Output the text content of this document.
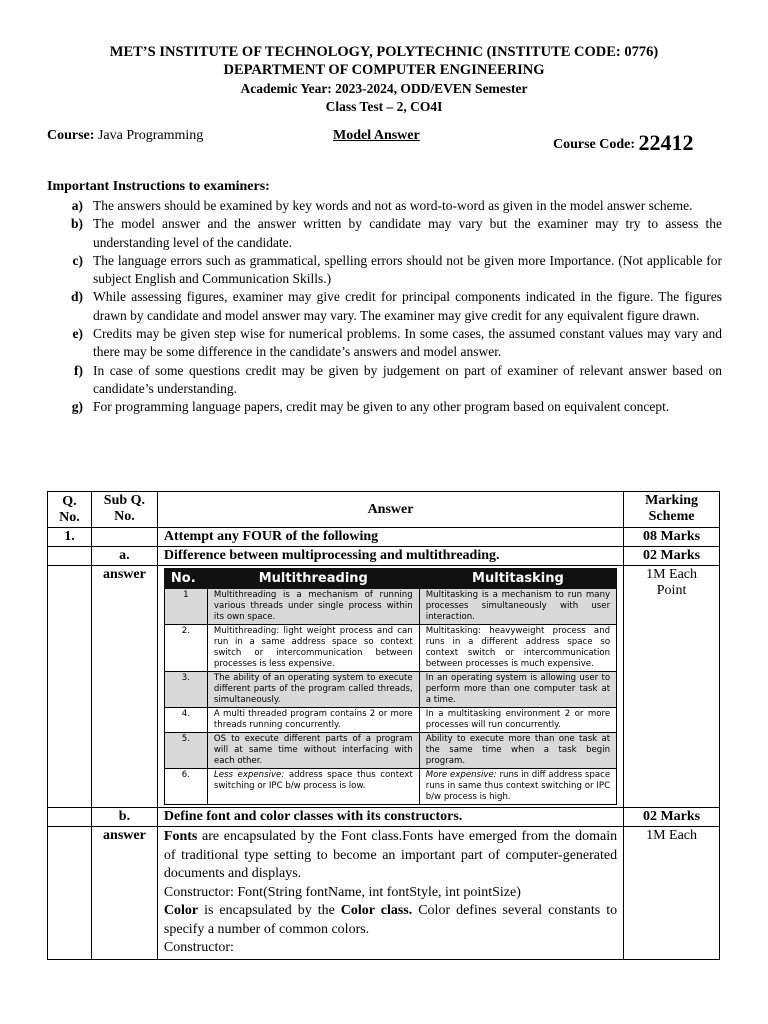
MET’S INSTITUTE OF TECHNOLOGY, POLYTECHNIC (INSTITUTE CODE: 0776)
DEPARTMENT OF COMPUTER ENGINEERING
Academic Year: 2023-2024, ODD/EVEN Semester
Class Test – 2, CO4I
Course: Java Programming	Model Answer
Course Code: 22412
Important Instructions to examiners:
a) The answers should be examined by key words and not as word-to-word as given in the model answer scheme.
b) The model answer and the answer written by candidate may vary but the examiner may try to assess the understanding level of the candidate.
c) The language errors such as grammatical, spelling errors should not be given more Importance. (Not applicable for subject English and Communication Skills.)
d) While assessing figures, examiner may give credit for principal components indicated in the figure. The figures drawn by candidate and model answer may vary. The examiner may give credit for any equivalent figure drawn.
e) Credits may be given step wise for numerical problems. In some cases, the assumed constant values may vary and there may be some difference in the candidate’s answers and model answer.
f) In case of some questions credit may be given by judgement on part of examiner of relevant answer based on candidate’s understanding.
g) For programming language papers, credit may be given to any other program based on equivalent concept.
Q. No.	Sub Q. No.	Answer	Marking Scheme
1.		Attempt any FOUR of the following	08 Marks
	a.	Difference between multiprocessing and multithreading.	02 Marks
	answer	No.	Multithreading	Multitasking
1	Multithreading is a mechanism of running various threads under single process within its own space.	Multitasking is a mechanism to run many processes simultaneously with user interaction.
2.	Multithreading: light weight process and can run in a same address space so context switch or intercommunication between processes is less expensive.	Multitasking: heavyweight process and runs in a different address space so context switch or intercommunication between processes is much expensive.
3.	The ability of an operating system to execute different parts of the program called threads, simultaneously.	In an operating system is allowing user to perform more than one computer task at a time.
4.	A multi threaded program contains 2 or more threads running concurrently.	In a multitasking environment 2 or more processes will run concurrently.
5.	OS to execute different parts of a program will at same time without interfacing with each other.	Ability to execute more than one task at the same time when a task begin program.
6.	Less expensive: address space thus context switching or IPC b/w process is low.	More expensive: runs in diff address space runs in same thus context switching or IPC b/w process is high.
	1M Each Point
	b.	Define font and color classes with its constructors.	02 Marks
	answer	Fonts are encapsulated by the Font class.Fonts have emerged from the domain of traditional type setting to become an important part of computer-generated documents and displays.
Constructor: Font(String fontName, int fontStyle, int pointSize)
Color is encapsulated by the Color class. Color defines several constants to specify a number of common colors.
Constructor:
	1M Each
